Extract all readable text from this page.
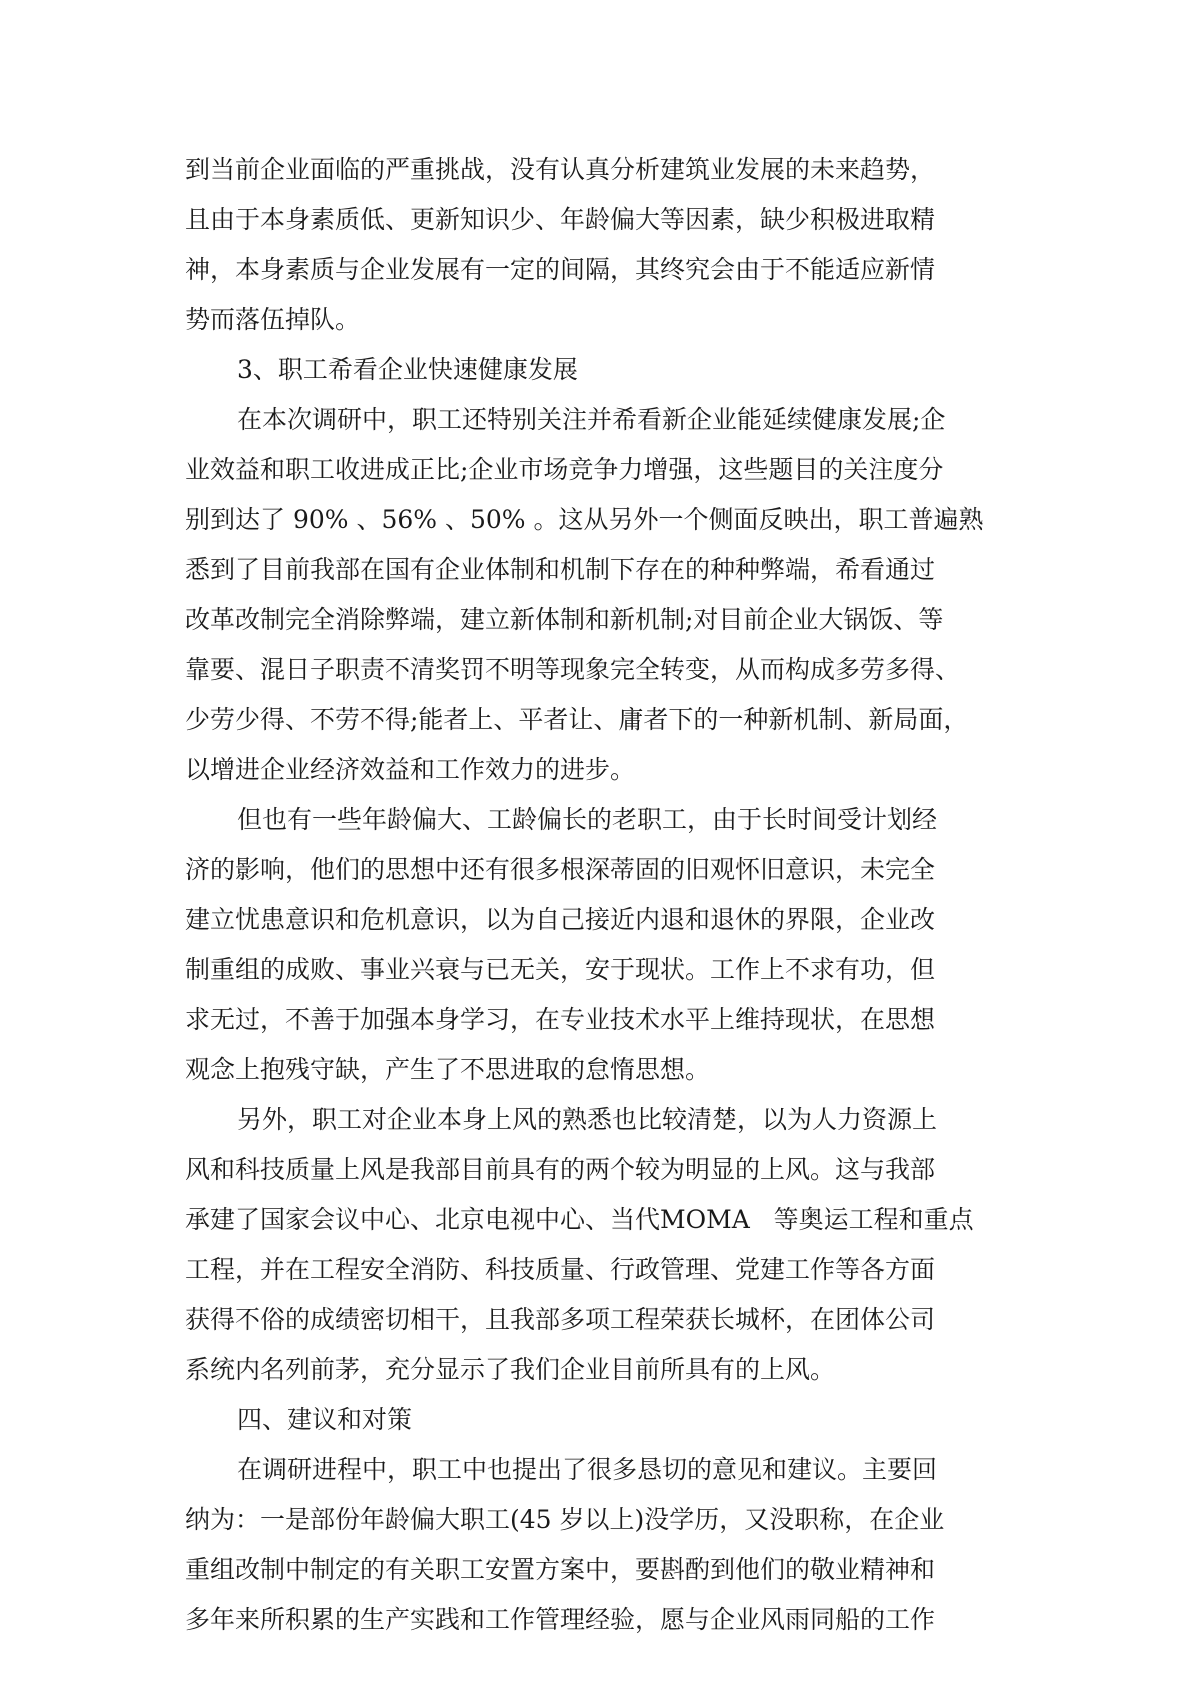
到当前企业面临的严重挑战，没有认真分析建筑业发展的未来趋势，
且由于本身素质低、更新知识少、年龄偏大等因素，缺少积极进取精
神，本身素质与企业发展有一定的间隔，其终究会由于不能适应新情
势而落伍掉队。
3、职工希看企业快速健康发展
在本次调研中，职工还特别关注并希看新企业能延续健康发展;企
业效益和职工收进成正比;企业市场竞争力增强，这些题目的关注度分
别到达了 90% 、56% 、50% 。这从另外一个侧面反映出，职工普遍熟
悉到了目前我部在国有企业体制和机制下存在的种种弊端，希看通过
改革改制完全消除弊端，建立新体制和新机制;对目前企业大锅饭、等
靠要、混日子职责不清奖罚不明等现象完全转变，从而构成多劳多得、
少劳少得、不劳不得;能者上、平者让、庸者下的一种新机制、新局面，
以增进企业经济效益和工作效力的进步。
但也有一些年龄偏大、工龄偏长的老职工，由于长时间受计划经
济的影响，他们的思想中还有很多根深蒂固的旧观怀旧意识，未完全
建立忧患意识和危机意识，以为自己接近内退和退休的界限，企业改
制重组的成败、事业兴衰与已无关，安于现状。工作上不求有功，但
求无过，不善于加强本身学习，在专业技术水平上维持现状，在思想
观念上抱残守缺，产生了不思进取的怠惰思想。
另外，职工对企业本身上风的熟悉也比较清楚，以为人力资源上
风和科技质量上风是我部目前具有的两个较为明显的上风。这与我部
承建了国家会议中心、北京电视中心、当代MOMA   等奥运工程和重点
工程，并在工程安全消防、科技质量、行政管理、党建工作等各方面
获得不俗的成绩密切相干，且我部多项工程荣获长城杯，在团体公司
系统内名列前茅，充分显示了我们企业目前所具有的上风。
四、建议和对策
在调研进程中，职工中也提出了很多恳切的意见和建议。主要回
纳为：一是部份年龄偏大职工(45 岁以上)没学历，又没职称，在企业
重组改制中制定的有关职工安置方案中，要斟酌到他们的敬业精神和
多年来所积累的生产实践和工作管理经验，愿与企业风雨同船的工作
